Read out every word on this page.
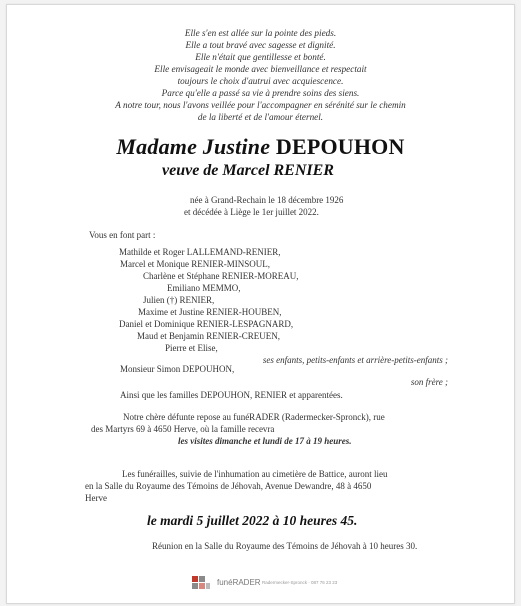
Elle s'en est allée sur la pointe des pieds.
Elle a tout bravé avec sagesse et dignité.
Elle n'était que gentillesse et bonté.
Elle envisageait le monde avec bienveillance et respectait
toujours le choix d'autrui avec acquiescence.
Parce qu'elle a passé sa vie à prendre soins des siens.
A notre tour, nous l'avons veillée pour l'accompagner en sérénité sur le chemin
de la liberté et de l'amour éternel.
Madame Justine DEPOUHON
veuve de Marcel RENIER
née à Grand-Rechain le 18 décembre 1926
et décédée à Liège le 1er juillet 2022.
Vous en font part :
Mathilde et Roger LALLEMAND-RENIER,
Marcel et Monique RENIER-MINSOUL,
Charlène et Stéphane RENIER-MOREAU,
Emiliano MEMMO,
Julien (†) RENIER,
Maxime et Justine RENIER-HOUBEN,
Daniel et Dominique RENIER-LESPAGNARD,
Maud et Benjamin RENIER-CREUEN,
Pierre et Elise,
ses enfants, petits-enfants et arrière-petits-enfants ;
Monsieur Simon DEPOUHON,
son frère ;
Ainsi que les familles DEPOUHON, RENIER et apparentées.
Notre chère défunte repose au funéRADER (Radermecker-Spronck), rue
des Martyrs 69 à 4650 Herve, où la famille recevra
les visites dimanche et lundi de 17 à 19 heures.
Les funérailles, suivie de l'inhumation au cimetière de Battice, auront lieu
en la Salle du Royaume des Témoins de Jéhovah, Avenue Dewandre, 48 à 4650
Herve
le mardi 5 juillet 2022 à 10 heures 45.
Réunion en la Salle du Royaume des Témoins de Jéhovah à 10 heures 30.
funéRADER Radermecker-Spronck · 087 76 23 23
